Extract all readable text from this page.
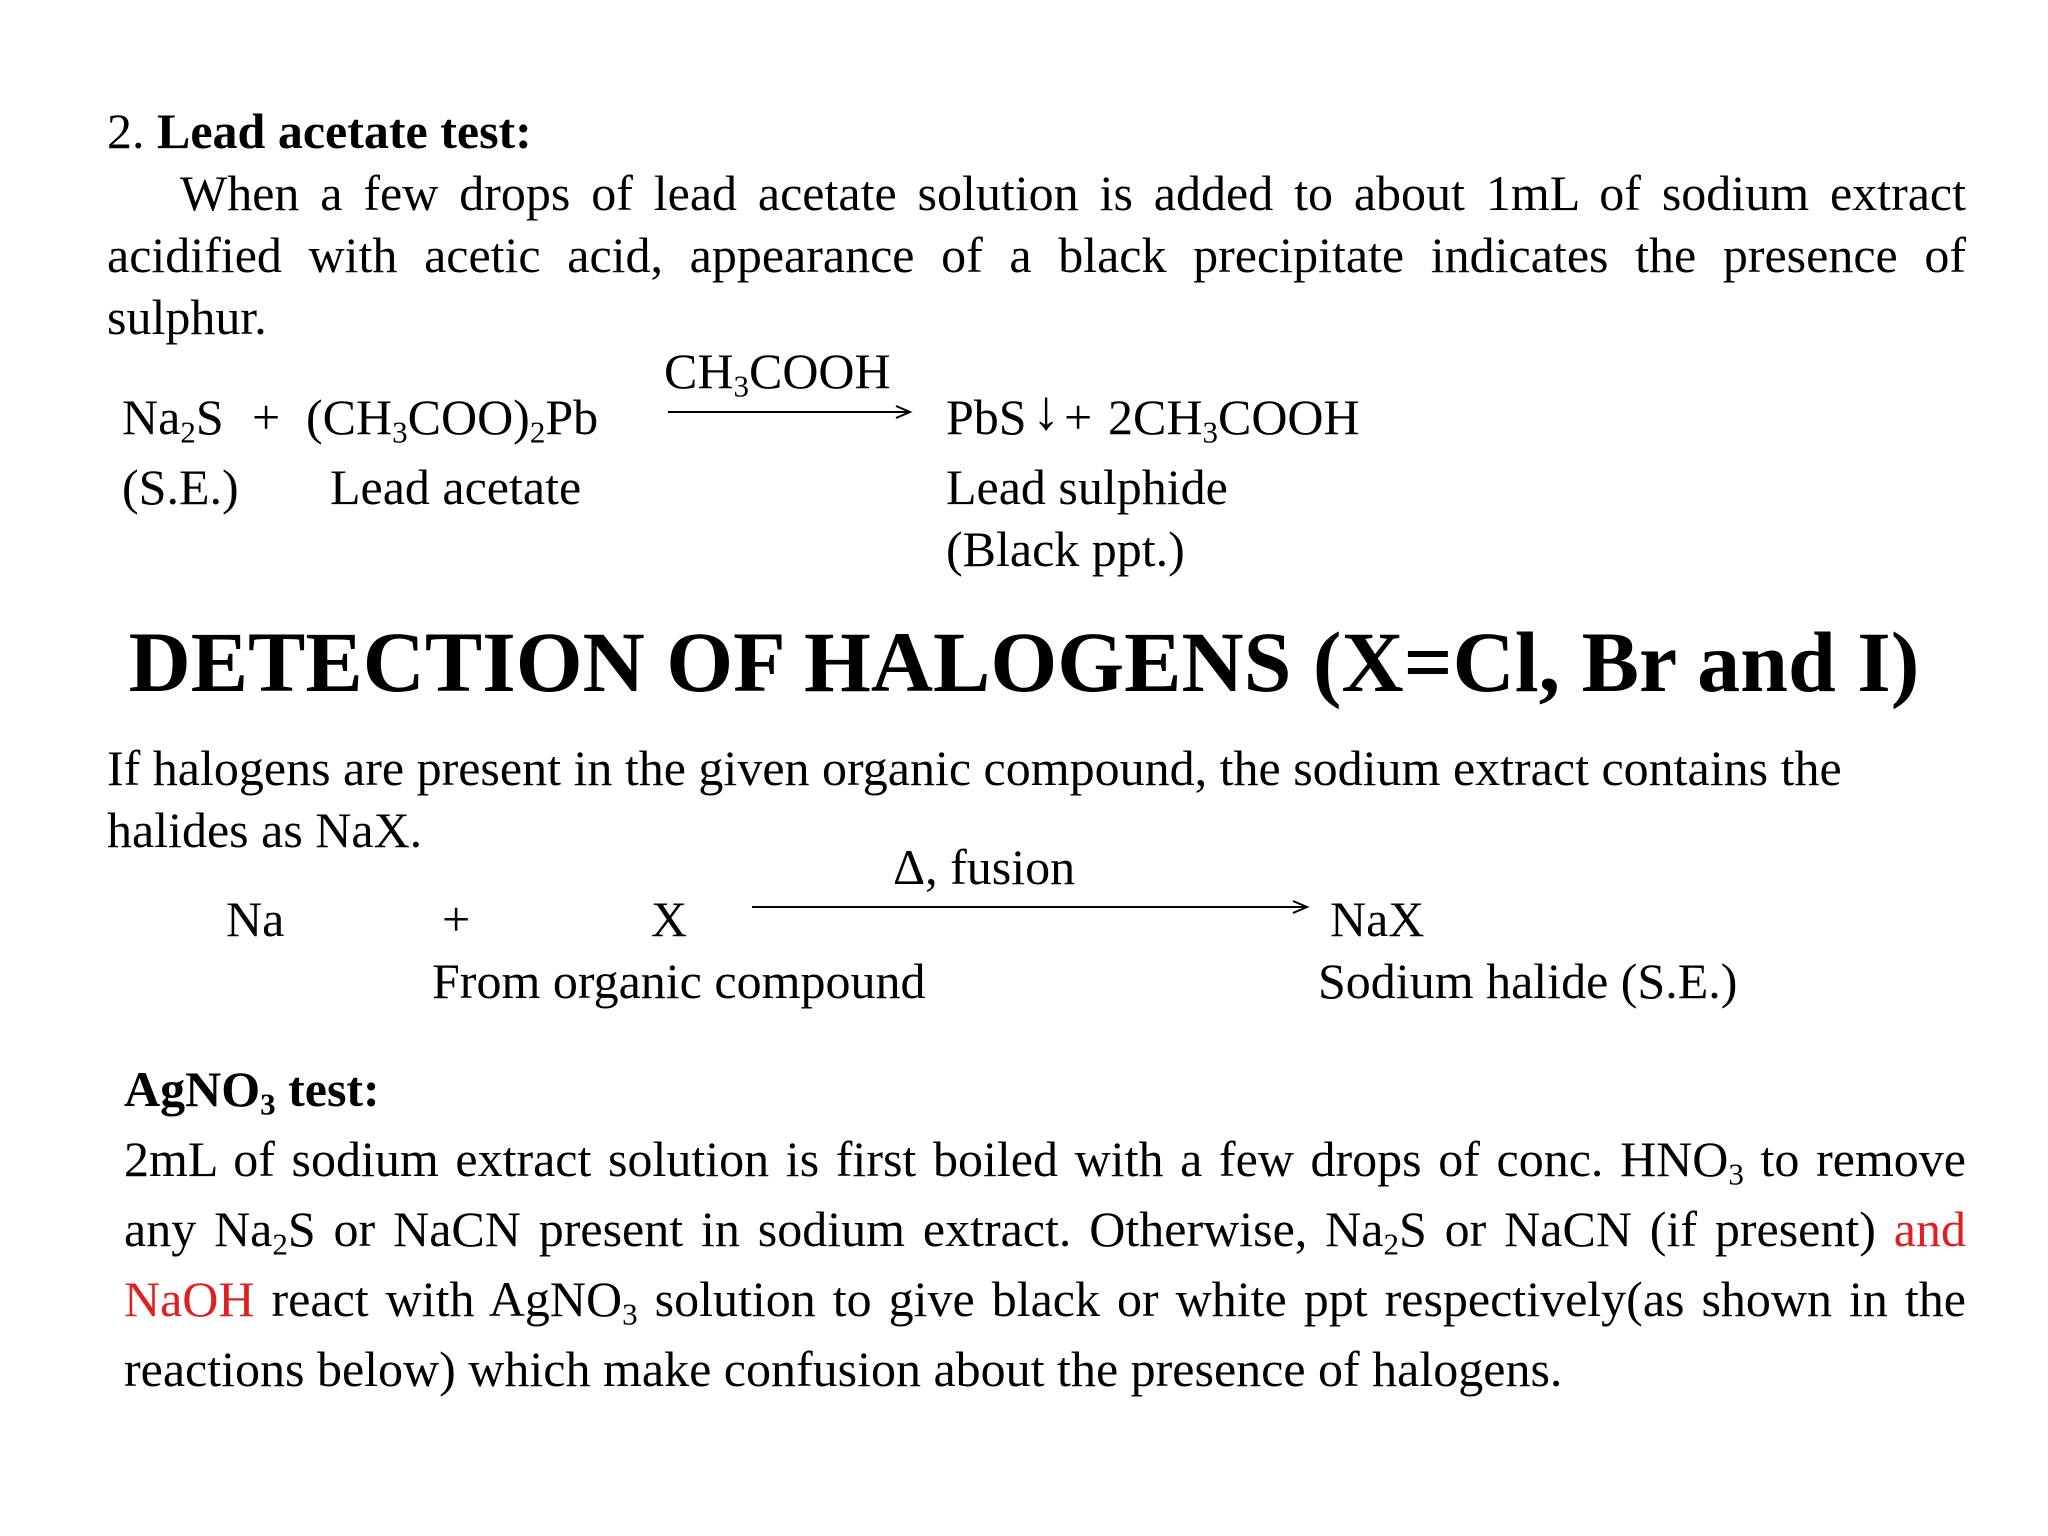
2. Lead acetate test:
When a few drops of lead acetate solution is added to about 1mL of sodium extract
acidified with acetic acid, appearance of a black precipitate indicates the presence of
sulphur.
$CH_3COOH$
$Na_2S + (CH_3COO)_2Pb$	PbS ↓ + $2CH_3COOH$
(S.E.) Lead acetate	Lead sulphide
(Black ppt.)
DETECTION OF HALOGENS (X=Cl, Br and I)
If halogens are present in the given organic compound, the sodium extract contains the
halides as NaX.
Δ, fusion
Na	+	X	NaX
From organic compound	Sodium halide (S.E.)
AgNO$_3$ test:
2mL of sodium extract solution is first boiled with a few drops of conc. $HNO_3$ to remove
any $Na_2S$ or NaCN present in sodium extract. Otherwise, $Na_2S$ or NaCN (if present) and
NaOH react with AgNO$_3$ solution to give black or white ppt respectively(as shown in the
reactions below) which make confusion about the presence of halogens.
